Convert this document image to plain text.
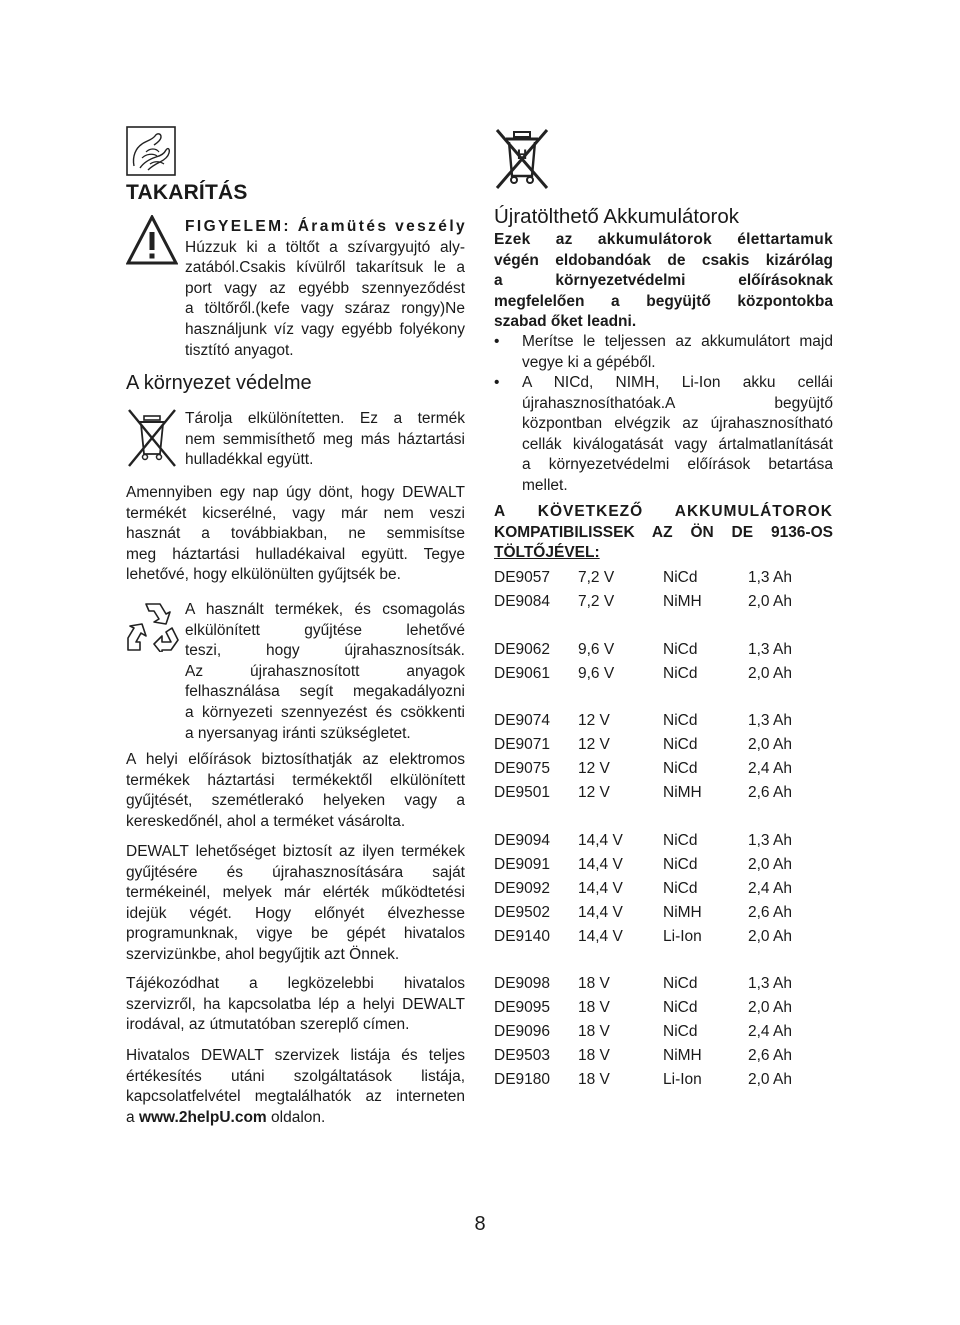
TAKARÍTÁS
FIGYELEM: Áramütés veszély
Húzzuk ki a töltőt a szívargyujtó aly-
zatából.Csakis kívülről takarítsuk le a
port vagy az egyébb szennyeződést
a töltőről.(kefe vagy száraz rongy)Ne
használjunk víz vagy egyébb folyékony
tisztító anyagot.
A környezet védelme
Tárolja elkülönítetten. Ez a termék
nem semmisíthető meg más háztartási
hulladékkal együtt.
Amennyiben egy nap úgy dönt, hogy DEWALT
termékét kicserélné, vagy már nem veszi
hasznát a továbbiakban, ne semmisítse
meg háztartási hulladékaival együtt. Tegye
lehetővé, hogy elkülönülten gyűjtsék be.
A használt termékek, és csomagolás
elkülönített gyűjtése lehetővé
teszi, hogy újrahasznosítsák.
Az újrahasznosított anyagok
felhasználása segít megakadályozni
a környezeti szennyezést és csökkenti
a nyersanyag iránti szükségletet.
A helyi előírások biztosíthatják az elektromos
termékek háztartási termékektől elkülönített
gyűjtését, szemétlerakó helyeken vagy a
kereskedőnél, ahol a terméket vásárolta.
DEWALT lehetőséget biztosít az ilyen termékek
gyűjtésére és újrahasznosítására saját
termékeinél, melyek már elérték működtetési
idejük végét. Hogy előnyét élvezhesse
programunknak, vigye be gépét hivatalos
szervizünkbe, ahol begyűjtik azt Önnek.
Tájékozódhat a legközelebbi hivatalos
szervizről, ha kapcsolatba lép a helyi DEWALT
irodával, az útmutatóban szereplő címen.
Hivatalos DEWALT szervizek listája és teljes
értékesítés utáni szolgáltatások listája,
kapcsolatfelvétel megtalálhatók az interneten
a www.2helpU.com oldalon.
H
Újratölthető Akkumulátorok
Ezek az akkumulátorok élettartamuk
végén eldobandóak de csakis kizárólag
a környezetvédelmi előírásoknak
megfelelően a begyüjtő központokba
szabad őket leadni.
•	Merítse le teljessen az akkumulátort majd
vegye ki a gépéből.
•	A NICd, NIMH, Li-Ion akku cellái
újrahasznosíthatóak.A begyüjtő
központban elvégzik az újrahasznosítható
cellák kiválogatását vagy ártalmatlanítását
a környezetvédelmi előírások betartása
mellet.
A KÖVETKEZŐ AKKUMULÁTOROK
KOMPATIBILISSEK AZ ÖN DE 9136-OS
TÖLTŐJÉVEL:
DE9057	7,2 V	NiCd	1,3 Ah
DE9084	7,2 V	NiMH	2,0 Ah

DE9062	9,6 V	NiCd	1,3 Ah
DE9061	9,6 V	NiCd	2,0 Ah

DE9074	12 V	NiCd	1,3 Ah
DE9071	12 V	NiCd	2,0 Ah
DE9075	12 V	NiCd	2,4 Ah
DE9501	12 V	NiMH	2,6 Ah

DE9094	14,4 V	NiCd	1,3 Ah
DE9091	14,4 V	NiCd	2,0 Ah
DE9092	14,4 V	NiCd	2,4 Ah
DE9502	14,4 V	NiMH	2,6 Ah
DE9140	14,4 V	Li-Ion	2,0 Ah

DE9098	18 V	NiCd	1,3 Ah
DE9095	18 V	NiCd	2,0 Ah
DE9096	18 V	NiCd	2,4 Ah
DE9503	18 V	NiMH	2,6 Ah
DE9180	18 V	Li-Ion	2,0 Ah
8
